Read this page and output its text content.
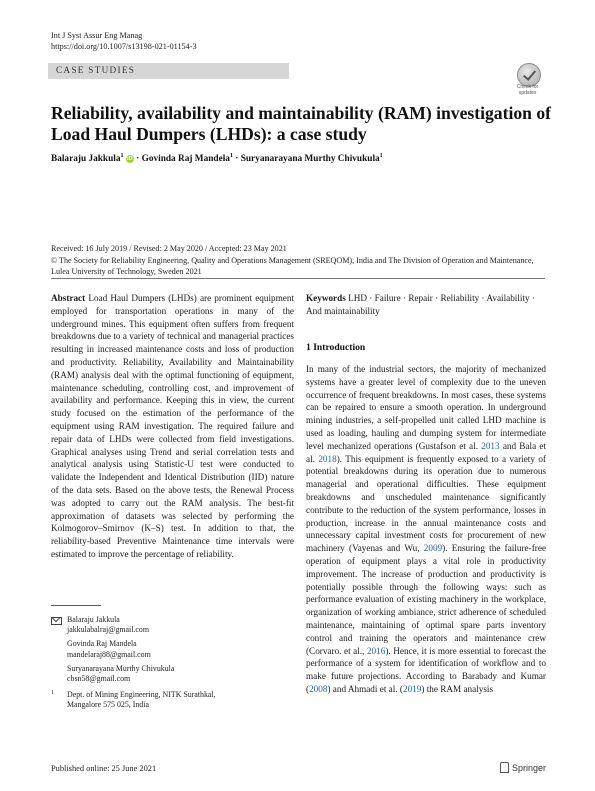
Int J Syst Assur Eng Manag
https://doi.org/10.1007/s13198-021-01154-3
CASE STUDIES
Check for
updates
Reliability, availability and maintainability (RAM) investigation of Load Haul Dumpers (LHDs): a case study
Balaraju Jakkula$^1$ iD · Govinda Raj Mandela$^1$ · Suryanarayana Murthy Chivukula$^1$
Received: 16 July 2019 / Revised: 2 May 2020 / Accepted: 23 May 2021
© The Society for Reliability Engineering, Quality and Operations Management (SREQOM), India and The Division of Operation and Maintenance, Lulea University of Technology, Sweden 2021
Abstract Load Haul Dumpers (LHDs) are prominent equipment employed for transportation operations in many of the underground mines. This equipment often suffers from frequent breakdowns due to a variety of technical and managerial practices resulting in increased maintenance costs and loss of production and productivity. Reliability, Availability and Maintainability (RAM) analysis deal with the optimal functioning of equipment, maintenance scheduling, controlling cost, and improvement of availability and performance. Keeping this in view, the current study focused on the estimation of the performance of the equipment using RAM investigation. The required failure and repair data of LHDs were collected from field investigations. Graphical analyses using Trend and serial correlation tests and analytical analysis using Statistic-U test were conducted to validate the Independent and Identical Distribution (IID) nature of the data sets. Based on the above tests, the Renewal Process was adopted to carry out the RAM analysis. The best-fit approximation of datasets was selected by performing the Kolmogorov–Smirnov (K–S) test. In addition to that, the reliability-based Preventive Maintenance time intervals were estimated to improve the percentage of reliability.
Keywords LHD · Failure · Repair · Reliability · Availability · And maintainability
1 Introduction
In many of the industrial sectors, the majority of mechanized systems have a greater level of complexity due to the uneven occurrence of frequent breakdowns. In most cases, these systems can be repaired to ensure a smooth operation. In underground mining industries, a self-propelled unit called LHD machine is used as loading, hauling and dumping system for intermediate level mechanized operations (Gustafson et al. 2013 and Bala et al. 2018). This equipment is frequently exposed to a variety of potential breakdowns during its operation due to numerous managerial and operational difficulties. These equipment breakdowns and unscheduled maintenance significantly contribute to the reduction of the system performance, losses in production, increase in the annual maintenance costs and unnecessary capital investment costs for procurement of new machinery (Vayenas and Wu, 2009). Ensuring the failure-free operation of equipment plays a vital role in productivity improvement. The increase of production and productivity is potentially possible through the following ways: such as performance evaluation of existing machinery in the workplace, organization of working ambiance, strict adherence of scheduled maintenance, maintaining of optimal spare parts inventory control and training the operators and maintenance crew (Corvaro. et al., 2016). Hence, it is more essential to forecast the performance of a system for identification of workflow and to make future projections. According to Barabady and Kumar (2008) and Ahmadi et al. (2019) the RAM analysis
Balaraju Jakkula
jakkulabalraj@gmail.com
Govinda Raj Mandela
mandelaraj88@gmail.com
Suryanarayana Murthy Chivukula
cbsn58@gmail.com
1 Dept. of Mining Engineering, NITK Surathkal,
Mangalore 575 025, India
Published online: 25 June 2021	Springer
